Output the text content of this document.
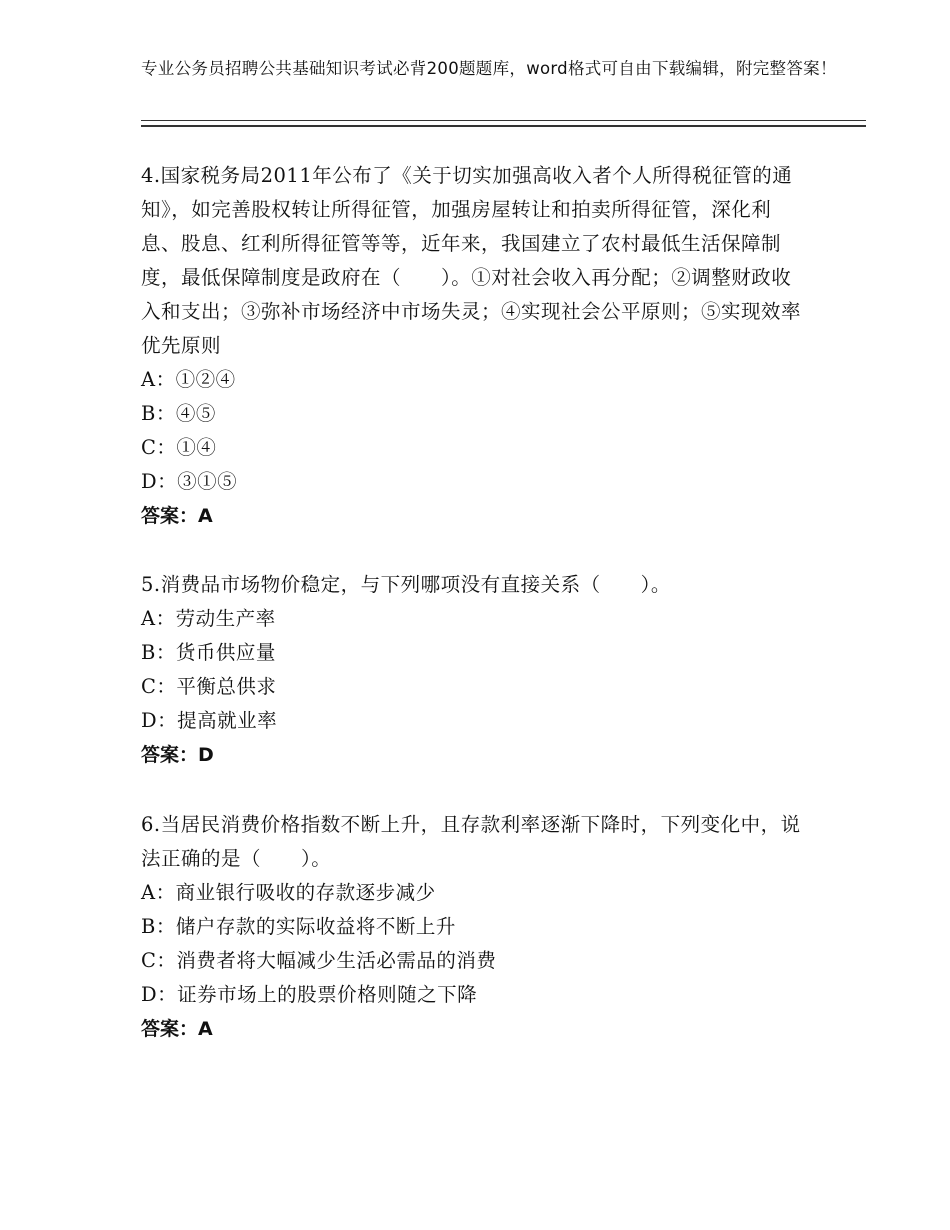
专业公务员招聘公共基础知识考试必背200题题库，word格式可自由下载编辑，附完整答案！
4.国家税务局2011年公布了《关于切实加强高收入者个人所得税征管的通知》，如完善股权转让所得征管，加强房屋转让和拍卖所得征管，深化利息、股息、红利所得征管等等，近年来，我国建立了农村最低生活保障制度，最低保障制度是政府在（　　）。①对社会收入再分配；②调整财政收入和支出；③弥补市场经济中市场失灵；④实现社会公平原则；⑤实现效率优先原则
A：①②④
B：④⑤
C：①④
D：③①⑤
答案：A
5.消费品市场物价稳定，与下列哪项没有直接关系（　　）。
A：劳动生产率
B：货币供应量
C：平衡总供求
D：提高就业率
答案：D
6.当居民消费价格指数不断上升，且存款利率逐渐下降时，下列变化中，说法正确的是（　　）。
A：商业银行吸收的存款逐步减少
B：储户存款的实际收益将不断上升
C：消费者将大幅减少生活必需品的消费
D：证券市场上的股票价格则随之下降
答案：A
